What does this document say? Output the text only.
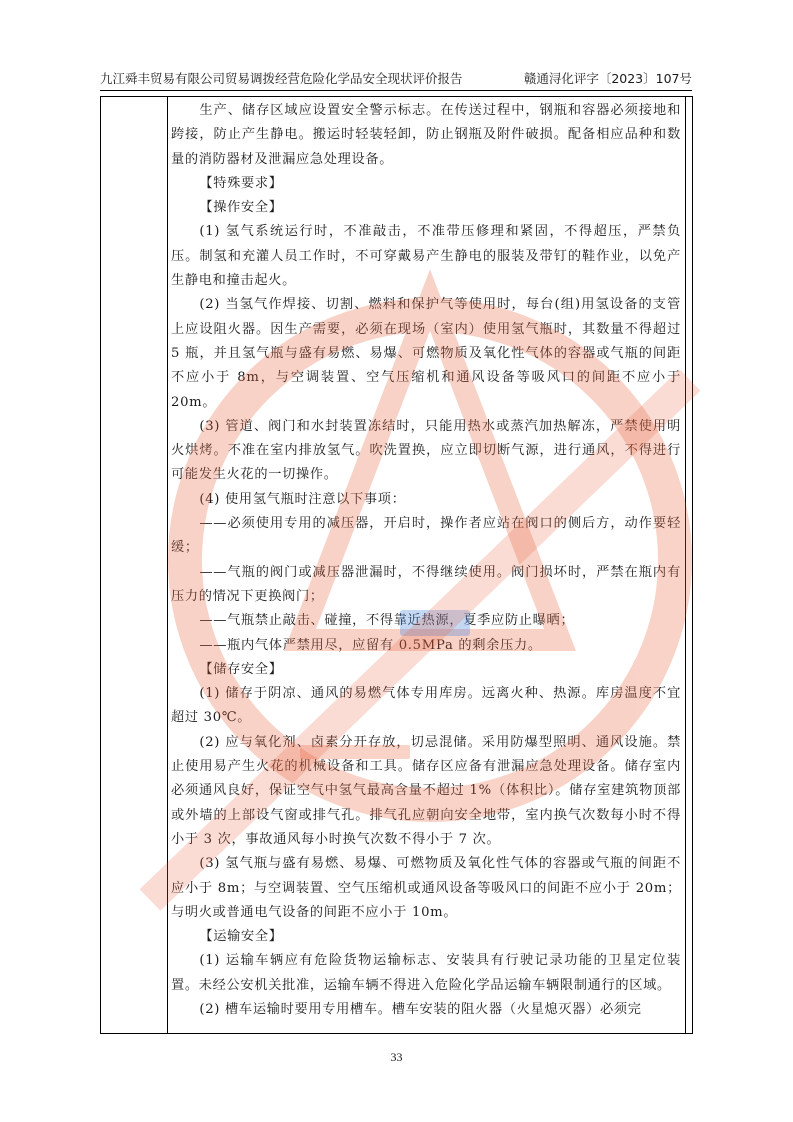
九江舜丰贸易有限公司贸易调拨经营危险化学品安全现状评价报告	赣通浔化评字〔2023〕107号

生产、储存区域应设置安全警示标志。在传送过程中，钢瓶和容器必须接地和跨接，防止产生静电。搬运时轻装轻卸，防止钢瓶及附件破损。配备相应品种和数量的消防器材及泄漏应急处理设备。

【特殊要求】

【操作安全】

(1) 氢气系统运行时，不准敲击，不准带压修理和紧固，不得超压，严禁负压。制氢和充灌人员工作时，不可穿戴易产生静电的服装及带钉的鞋作业，以免产生静电和撞击起火。

(2) 当氢气作焊接、切割、燃料和保护气等使用时，每台(组)用氢设备的支管上应设阻火器。因生产需要，必须在现场（室内）使用氢气瓶时，其数量不得超过 5 瓶，并且氢气瓶与盛有易燃、易爆、可燃物质及氧化性气体的容器或气瓶的间距不应小于 8m，与空调装置、空气压缩机和通风设备等吸风口的间距不应小于 20m。

(3) 管道、阀门和水封装置冻结时，只能用热水或蒸汽加热解冻，严禁使用明火烘烤。不准在室内排放氢气。吹洗置换，应立即切断气源，进行通风，不得进行可能发生火花的一切操作。

(4) 使用氢气瓶时注意以下事项：

——必须使用专用的减压器，开启时，操作者应站在阀口的侧后方，动作要轻缓；

——气瓶的阀门或减压器泄漏时，不得继续使用。阀门损坏时，严禁在瓶内有压力的情况下更换阀门；

——气瓶禁止敲击、碰撞，不得靠近热源，夏季应防止曝晒；

——瓶内气体严禁用尽，应留有 0.5MPa 的剩余压力。

【储存安全】

(1) 储存于阴凉、通风的易燃气体专用库房。远离火种、热源。库房温度不宜超过 30℃。

(2) 应与氧化剂、卤素分开存放，切忌混储。采用防爆型照明、通风设施。禁止使用易产生火花的机械设备和工具。储存区应备有泄漏应急处理设备。储存室内必须通风良好，保证空气中氢气最高含量不超过 1%（体积比）。储存室建筑物顶部或外墙的上部设气窗或排气孔。排气孔应朝向安全地带，室内换气次数每小时不得小于 3 次，事故通风每小时换气次数不得小于 7 次。

(3) 氢气瓶与盛有易燃、易爆、可燃物质及氧化性气体的容器或气瓶的间距不应小于 8m；与空调装置、空气压缩机或通风设备等吸风口的间距不应小于 20m；与明火或普通电气设备的间距不应小于 10m。

【运输安全】

(1) 运输车辆应有危险货物运输标志、安装具有行驶记录功能的卫星定位装置。未经公安机关批准，运输车辆不得进入危险化学品运输车辆限制通行的区域。

(2) 槽车运输时要用专用槽车。槽车安装的阻火器（火星熄灭器）必须完

33
